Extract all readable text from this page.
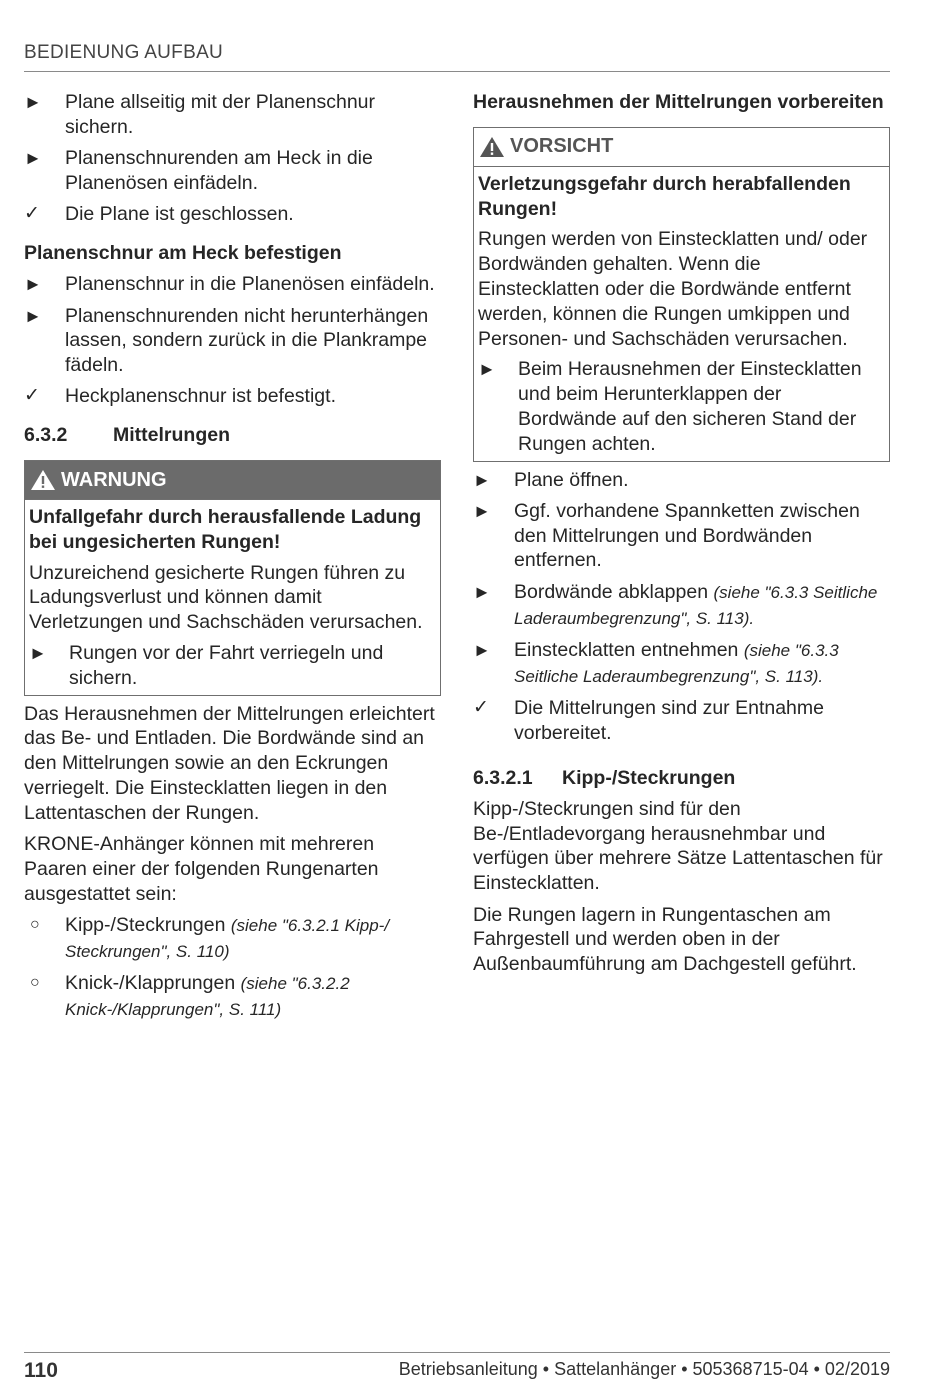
BEDIENUNG AUFBAU
►	Plane allseitig mit der Planenschnur sichern.
►	Planenschnurenden am Heck in die Planenösen einfädeln.
✓	Die Plane ist geschlossen.
Planenschnur am Heck befestigen
►	Planenschnur in die Planenösen einfädeln.
►	Planenschnurenden nicht herunterhängen lassen, sondern zurück in die Plankrampe fädeln.
✓	Heckplanenschnur ist befestigt.
6.3.2 Mittelrungen
WARNUNG
Unfallgefahr durch herausfallende Ladung bei ungesicherten Rungen!
Unzureichend gesicherte Rungen führen zu Ladungsverlust und können damit Verletzungen und Sachschäden verursachen.
►	Rungen vor der Fahrt verriegeln und sichern.
Das Herausnehmen der Mittelrungen erleichtert das Be- und Entladen. Die Bordwände sind an den Mittelrungen sowie an den Eckrungen verriegelt. Die Einstecklatten liegen in den Lattentaschen der Rungen.
KRONE-Anhänger können mit mehreren Paaren einer der folgenden Rungenarten ausgestattet sein:
○	Kipp-/Steckrungen (siehe "6.3.2.1 Kipp-/ Steckrungen", S. 110)
○	Knick-/Klapprungen (siehe "6.3.2.2 Knick-/Klapprungen", S. 111)
Herausnehmen der Mittelrungen vorbereiten
VORSICHT
Verletzungsgefahr durch herabfallenden Rungen!
Rungen werden von Einstecklatten und/ oder Bordwänden gehalten. Wenn die Einstecklatten oder die Bordwände entfernt werden, können die Rungen umkippen und Personen- und Sachschäden verursachen.
►	Beim Herausnehmen der Einstecklatten und beim Herunterklappen der Bordwände auf den sicheren Stand der Rungen achten.
►	Plane öffnen.
►	Ggf. vorhandene Spannketten zwischen den Mittelrungen und Bordwänden entfernen.
►	Bordwände abklappen (siehe "6.3.3 Seitliche Laderaumbegrenzung", S. 113).
►	Einstecklatten entnehmen (siehe "6.3.3 Seitliche Laderaumbegrenzung", S. 113).
✓	Die Mittelrungen sind zur Entnahme vorbereitet.
6.3.2.1 Kipp-/Steckrungen
Kipp-/Steckrungen sind für den Be-/Entladevorgang herausnehmbar und verfügen über mehrere Sätze Lattentaschen für Einstecklatten.
Die Rungen lagern in Rungentaschen am Fahrgestell und werden oben in der Außenbaumführung am Dachgestell geführt.
110	Betriebsanleitung • Sattelanhänger • 505368715-04 • 02/2019
